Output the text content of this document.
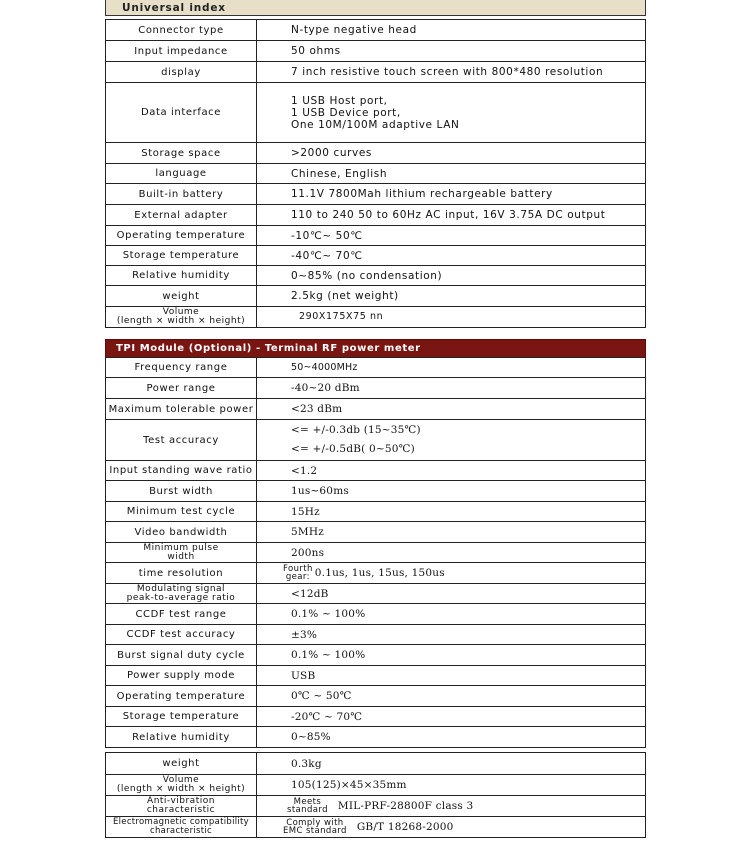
Universal index
Connector type	N-type negative head
Input impedance	50 ohms
display	7 inch resistive touch screen with 800*480 resolution
Data interface	1 USB Host port,
1 USB Device port,
One 10M/100M adaptive LAN

Storage space	>2000 curves
language	Chinese, English
Built-in battery	11.1V 7800Mah lithium rechargeable battery
External adapter	110 to 240 50 to 60Hz AC input, 16V 3.75A DC output
Operating temperature	-10℃~ 50℃
Storage temperature	-40℃~ 70℃
Relative humidity	0~85% (no condensation)
weight	2.5kg (net weight)

Volume
(length × width × height)	290X175X75 nn
TPI Module (Optional) - Terminal RF power meter
Frequency range	50~4000MHz
Power range	-40~20 dBm
Maximum tolerable power	<23 dBm
Test accuracy	<= +/-0.3db (15~35℃)
<= +/-0.5dB( 0~50℃)

Input standing wave ratio	<1.2
Burst width	1us~60ms
Minimum test cycle	15Hz
Video bandwidth	5MHz

Minimum pulse
width	200ns
time resolution	Fourth
gear: 0.1us, 1us, 15us, 150us

Modulating signal
peak-to-average ratio	<12dB
CCDF test range	0.1% ~ 100%
CCDF test accuracy	±3%
Burst signal duty cycle	0.1% ~ 100%
Power supply mode	USB
Operating temperature	0℃ ~ 50℃
Storage temperature	-20℃ ~ 70℃
Relative humidity	0~85%
weight	0.3kg

Volume
(length × width × height)	105(125)×45×35mm

Anti-vibration
characteristic	Meets
standard MIL-PRF-28800F class 3

Electromagnetic compatibility
characteristic	Comply with
EMC standard GB/T 18268-2000
